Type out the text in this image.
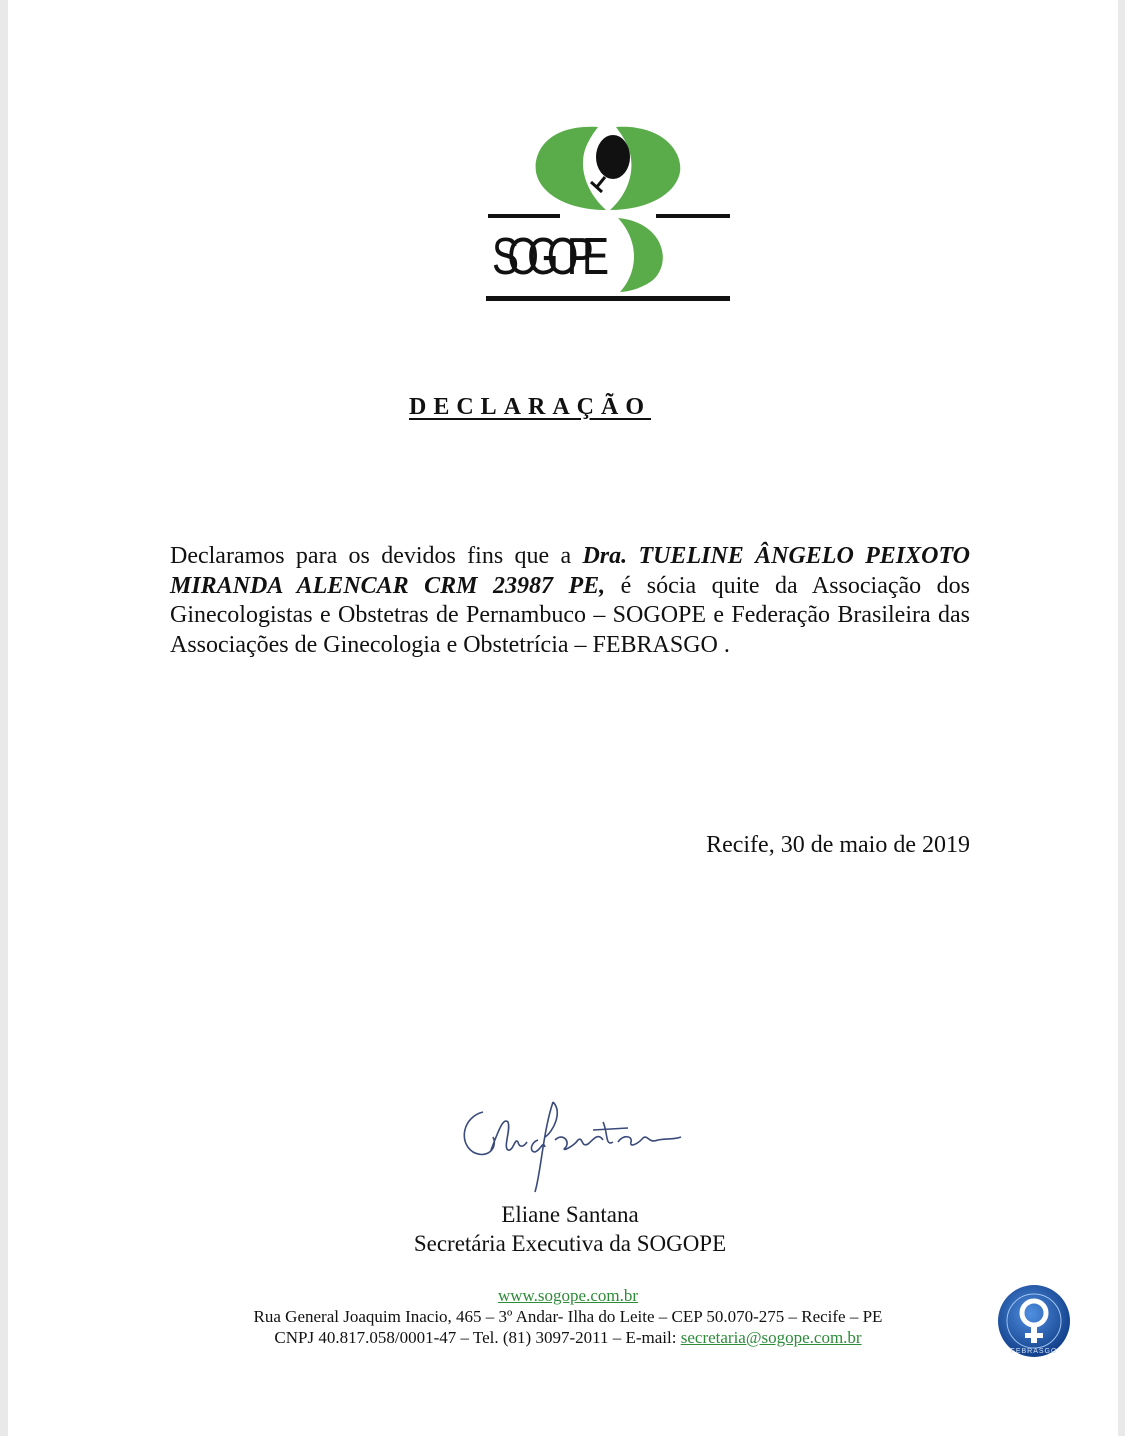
SOGOPE
DECLARAÇÃO
Declaramos para os devidos fins que a Dra. TUELINE ÂNGELO PEIXOTO MIRANDA ALENCAR CRM 23987 PE, é sócia quite da Associação dos Ginecologistas e Obstetras de Pernambuco – SOGOPE e Federação Brasileira das Associações de Ginecologia e Obstetrícia – FEBRASGO .
Recife, 30 de maio de 2019
Eliane Santana
Secretária Executiva da SOGOPE
www.sogope.com.br
Rua General Joaquim Inacio, 465 – 3º Andar- Ilha do Leite – CEP 50.070-275 – Recife – PE
CNPJ 40.817.058/0001-47 – Tel. (81) 3097-2011 – E-mail: secretaria@sogope.com.br
FEBRASGO
